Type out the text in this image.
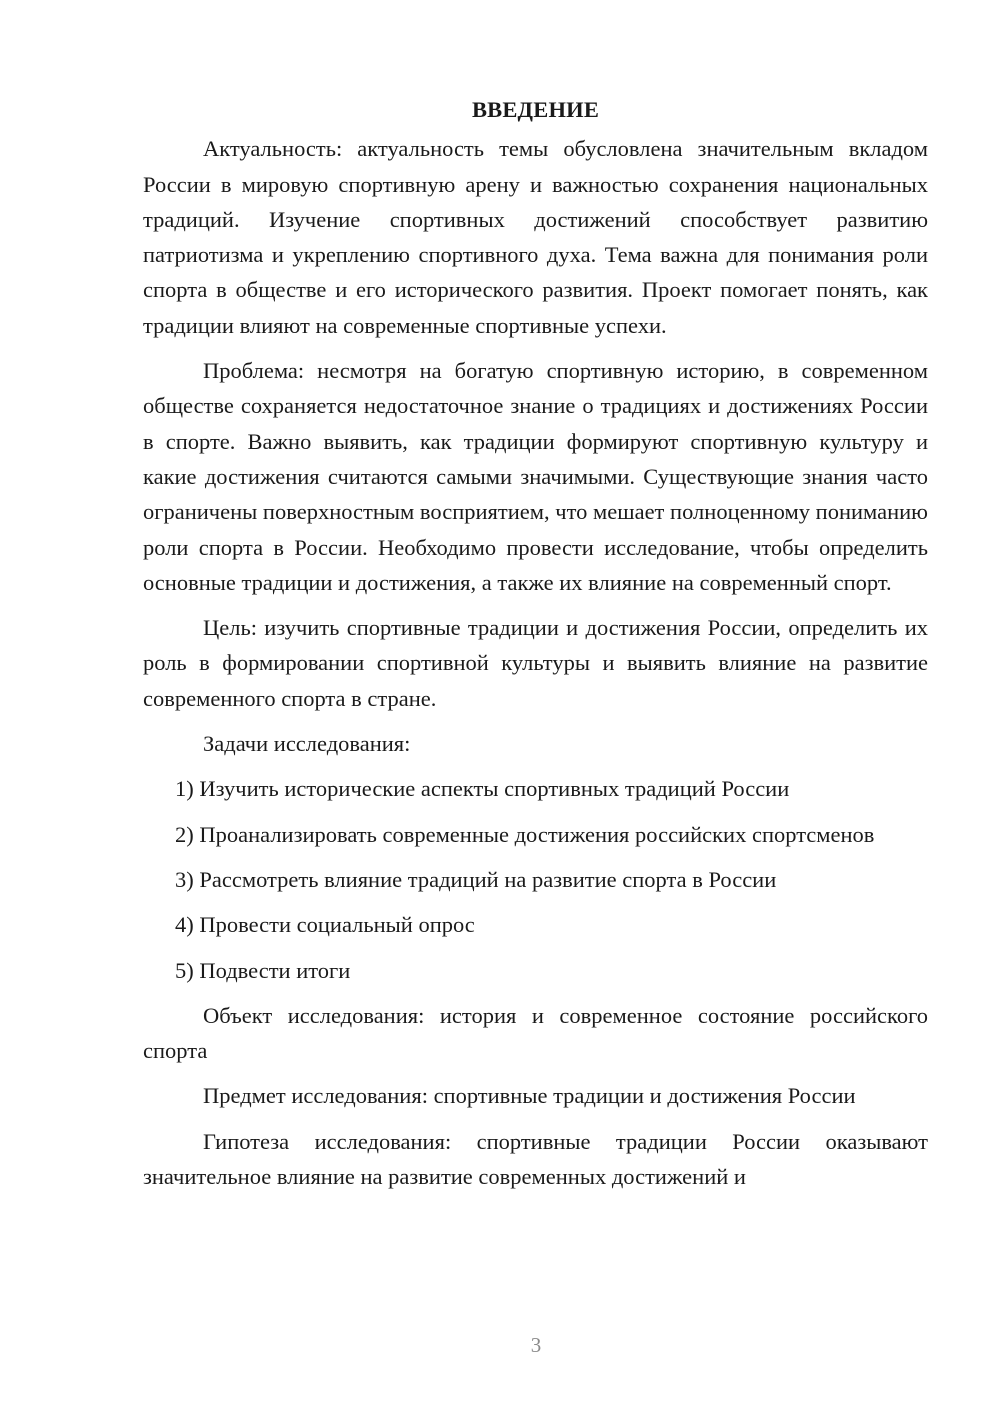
ВВЕДЕНИЕ

Актуальность: актуальность темы обусловлена значительным вкладом России в мировую спортивную арену и важностью сохранения национальных традиций. Изучение спортивных достижений способствует развитию патриотизма и укреплению спортивного духа. Тема важна для понимания роли спорта в обществе и его исторического развития. Проект помогает понять, как традиции влияют на современные спортивные успехи.

Проблема: несмотря на богатую спортивную историю, в современном обществе сохраняется недостаточное знание о традициях и достижениях России в спорте. Важно выявить, как традиции формируют спортивную культуру и какие достижения считаются самыми значимыми. Существующие знания часто ограничены поверхностным восприятием, что мешает полноценному пониманию роли спорта в России. Необходимо провести исследование, чтобы определить основные традиции и достижения, а также их влияние на современный спорт.

Цель: изучить спортивные традиции и достижения России, определить их роль в формировании спортивной культуры и выявить влияние на развитие современного спорта в стране.

Задачи исследования:

1) Изучить исторические аспекты спортивных традиций России

2) Проанализировать современные достижения российских спортсменов

3) Рассмотреть влияние традиций на развитие спорта в России

4) Провести социальный опрос

5) Подвести итоги

Объект исследования: история и современное состояние российского спорта

Предмет исследования: спортивные традиции и достижения России

Гипотеза исследования: спортивные традиции России оказывают значительное влияние на развитие современных достижений и

3
